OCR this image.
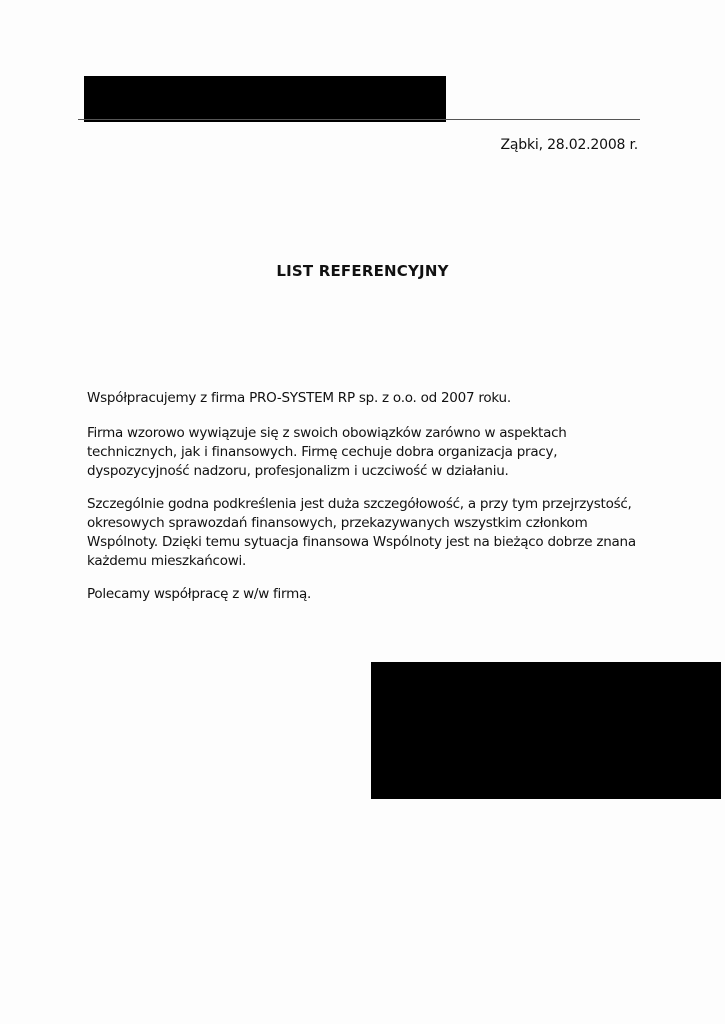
Ząbki, 28.02.2008 r.
LIST REFERENCYJNY

Współpracujemy z firma PRO-SYSTEM RP sp. z o.o. od 2007 roku.

Firma wzorowo wywiązuje się z swoich obowiązków zarówno w aspektach technicznych, jak i finansowych. Firmę cechuje dobra organizacja pracy, dyspozycyjność nadzoru, profesjonalizm i uczciwość w działaniu.

Szczególnie godna podkreślenia jest duża szczegółowość, a przy tym przejrzystość, okresowych sprawozdań finansowych, przekazywanych wszystkim członkom Wspólnoty. Dzięki temu sytuacja finansowa Wspólnoty jest na bieżąco dobrze znana każdemu mieszkańcowi.

Polecamy współpracę z w/w firmą.
